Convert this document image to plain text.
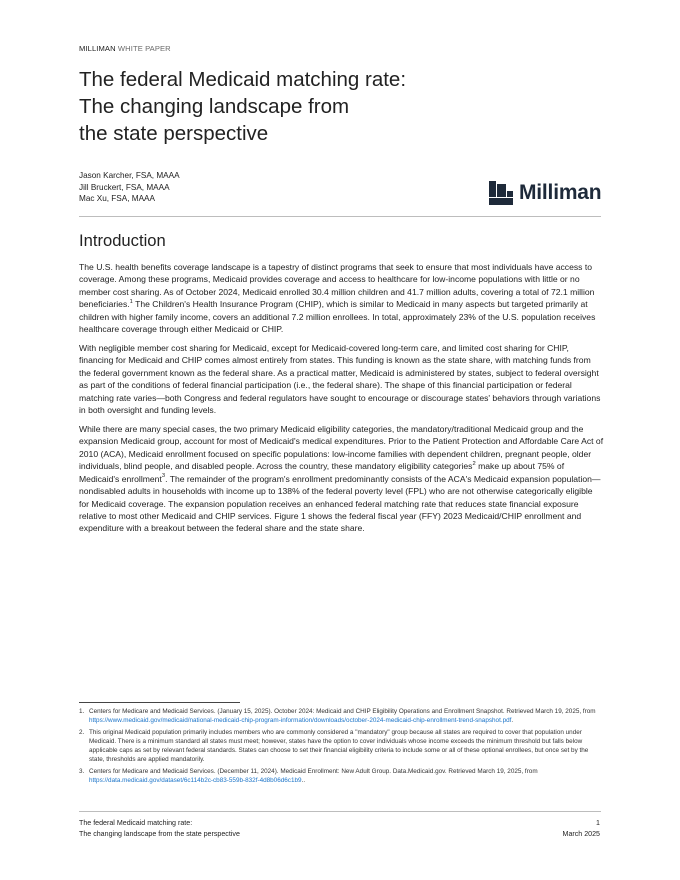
MILLIMAN WHITE PAPER
The federal Medicaid matching rate:
The changing landscape from
the state perspective
Jason Karcher, FSA, MAAA
Jill Bruckert, FSA, MAAA
Mac Xu, FSA, MAAA	Milliman
Introduction

The U.S. health benefits coverage landscape is a tapestry of distinct programs that seek to ensure that most individuals have access to coverage. Among these programs, Medicaid provides coverage and access to healthcare for low-income populations with little or no member cost sharing. As of October 2024, Medicaid enrolled 30.4 million children and 41.7 million adults, covering a total of 72.1 million beneficiaries.$^1$ The Children's Health Insurance Program (CHIP), which is similar to Medicaid in many aspects but targeted primarily at children with higher family income, covers an additional 7.2 million enrollees. In total, approximately 23% of the U.S. population receives healthcare coverage through either Medicaid or CHIP.

With negligible member cost sharing for Medicaid, except for Medicaid-covered long-term care, and limited cost sharing for CHIP, financing for Medicaid and CHIP comes almost entirely from states. This funding is known as the state share, with matching funds from the federal government known as the federal share. As a practical matter, Medicaid is administered by states, subject to federal oversight as part of the conditions of federal financial participation (i.e., the federal share). The shape of this financial participation or federal matching rate varies—both Congress and federal regulators have sought to encourage or discourage states' behaviors through variations in both oversight and funding levels.

While there are many special cases, the two primary Medicaid eligibility categories, the mandatory/traditional Medicaid group and the expansion Medicaid group, account for most of Medicaid's medical expenditures. Prior to the Patient Protection and Affordable Care Act of 2010 (ACA), Medicaid enrollment focused on specific populations: low-income families with dependent children, pregnant people, older individuals, blind people, and disabled people. Across the country, these mandatory eligibility categories$^2$ make up about 75% of Medicaid's enrollment$^3$. The remainder of the program's enrollment predominantly consists of the ACA's Medicaid expansion population—nondisabled adults in households with income up to 138% of the federal poverty level (FPL) who are not otherwise categorically eligible for Medicaid coverage. The expansion population receives an enhanced federal matching rate that reduces state financial exposure relative to most other Medicaid and CHIP services. Figure 1 shows the federal fiscal year (FFY) 2023 Medicaid/CHIP enrollment and expenditure with a breakout between the federal share and the state share.

1. Centers for Medicare and Medicaid Services. (January 15, 2025). October 2024: Medicaid and CHIP Eligibility Operations and Enrollment Snapshot. Retrieved March 19, 2025, from https://www.medicaid.gov/medicaid/national-medicaid-chip-program-information/downloads/october-2024-medicaid-chip-enrollment-trend-snapshot.pdf.
2. This original Medicaid population primarily includes members who are commonly considered a "mandatory" group because all states are required to cover that population under Medicaid. There is a minimum standard all states must meet; however, states have the option to cover individuals whose income exceeds the minimum threshold but falls below applicable caps as set by relevant federal standards. States can choose to set their financial eligibility criteria to include some or all of these optional enrollees, but once set by the state, thresholds are applied mandatorily.
3. Centers for Medicare and Medicaid Services. (December 11, 2024). Medicaid Enrollment: New Adult Group. Data.Medicaid.gov. Retrieved March 19, 2025, from https://data.medicaid.gov/dataset/6c114b2c-cb83-559b-832f-4d8b06d6c1b9..
The federal Medicaid matching rate:
The changing landscape from the state perspective
1
March 2025
